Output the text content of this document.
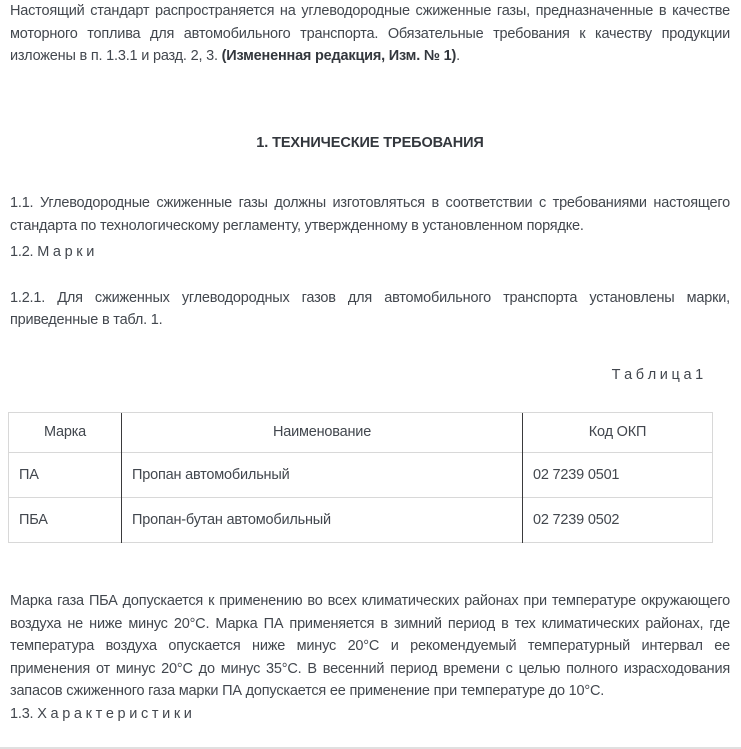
Настоящий стандарт распространяется на углеводородные сжиженные газы, предназначенные в качестве моторного топлива для автомобильного транспорта. Обязательные требования к качеству продукции изложены в п. 1.3.1 и разд. 2, 3. (Измененная редакция, Изм. № 1).

1. ТЕХНИЧЕСКИЕ ТРЕБОВАНИЯ

1.1. Углеводородные сжиженные газы должны изготовляться в соответствии с требованиями настоящего стандарта по технологическому регламенту, утвержденному в установленном порядке.

1.2. М а р к и

1.2.1. Для сжиженных углеводородных газов для автомобильного транспорта установлены марки, приведенные в табл. 1.

Т а б л и ц а 1
Марка	Наименование	Код ОКП
ПА	Пропан автомобильный	02 7239 0501
ПБА	Пропан-бутан автомобильный	02 7239 0502

Марка газа ПБА допускается к применению во всех климатических районах при температуре окружающего воздуха не ниже минус 20°С. Марка ПА применяется в зимний период в тех климатических районах, где температура воздуха опускается ниже минус 20°С и рекомендуемый температурный интервал ее применения от минус 20°С до минус 35°С. В весенний период времени с целью полного израсходования запасов сжиженного газа марки ПА допускается ее применение при температуре до 10°С.

1.3. Х а р а к т е р и с т и к и
